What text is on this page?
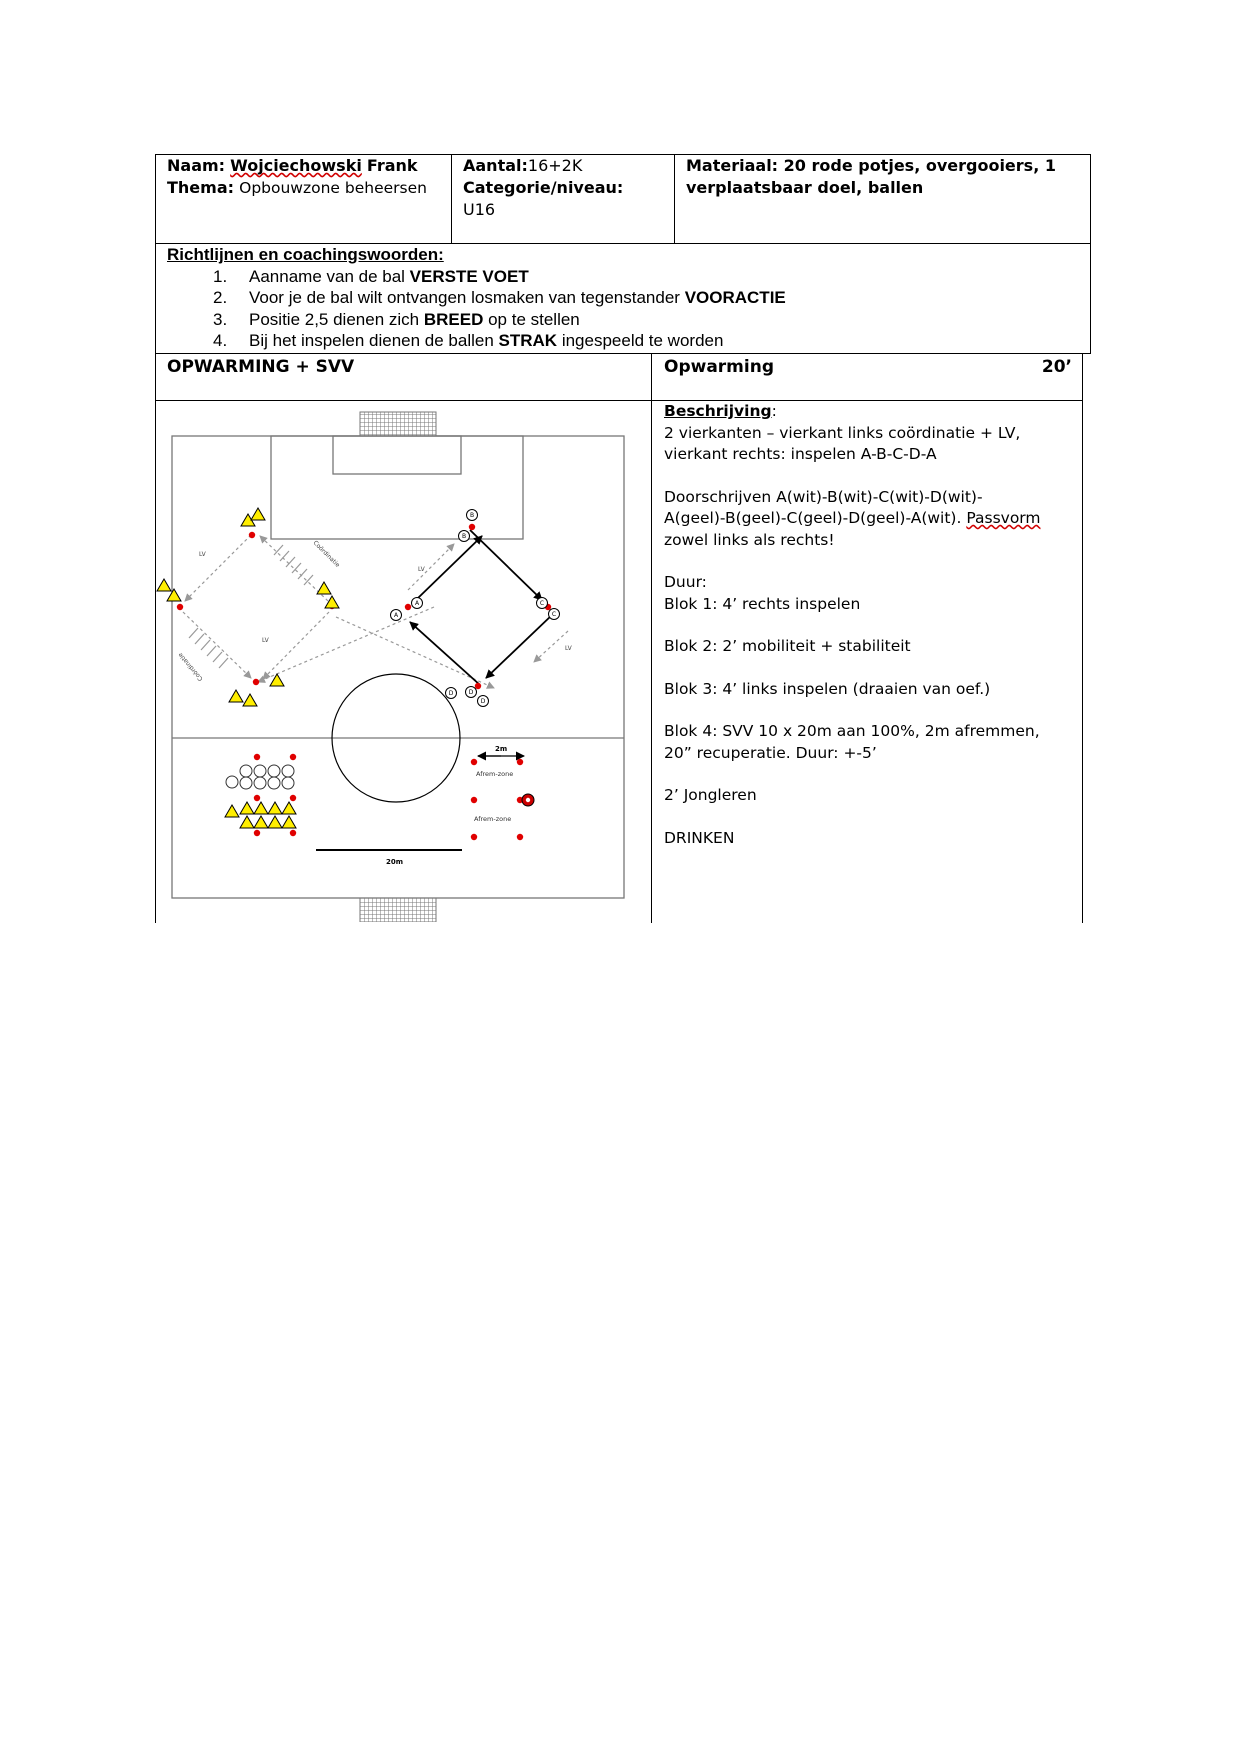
Naam: Wojciechowski Frank
Thema: Opbouwzone beheersen
Aantal:16+2K
Categorie/niveau:
U16
Materiaal: 20 rode potjes, overgooiers, 1
verplaatsbaar doel, ballen
Richtlijnen en coachingswoorden:
1. Aanname van de bal VERSTE VOET
2. Voor je de bal wilt ontvangen losmaken van tegenstander VOORACTIE
3. Positie 2,5 dienen zich BREED op te stellen
4. Bij het inspelen dienen de ballen STRAK ingespeeld te worden
OPWARMING + SVV	Opwarming	20’
LV
LV
LV
LV
Coördinatie
Coördinatie
Afrem-zone
Afrem-zone
2m
20m
B
B
A
A
C
C
D
D
D

Beschrijving:

2 vierkanten – vierkant links coördinatie + LV,

vierkant rechts: inspelen A-B-C-D-A

Doorschrijven A(wit)-B(wit)-C(wit)-D(wit)-

A(geel)-B(geel)-C(geel)-D(geel)-A(wit). Passvorm

zowel links als rechts!

Duur:

Blok 1: 4’ rechts inspelen

Blok 2: 2’ mobiliteit + stabiliteit

Blok 3: 4’ links inspelen (draaien van oef.)

Blok 4: SVV 10 x 20m aan 100%, 2m afremmen,

20” recuperatie. Duur: +-5’

2’ Jongleren

DRINKEN
